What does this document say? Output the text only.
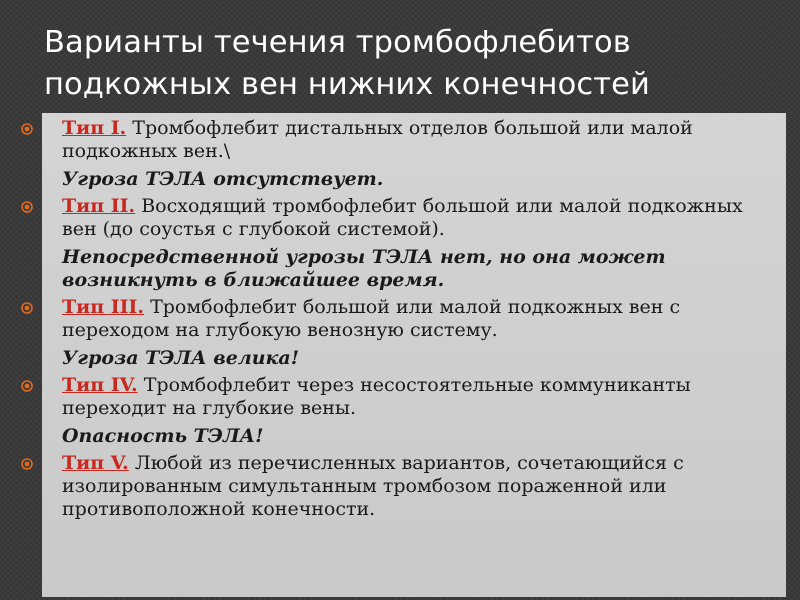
Варианты течения тромбофлебитов
подкожных вен нижних конечностей

Тип I. Тромбофлебит дистальных отделов большой или малой подкожных вен.\

Угроза ТЭЛА отсутствует.

Тип II. Восходящий тромбофлебит большой или малой подкожных вен (до соустья с глубокой системой).

Непосредственной угрозы ТЭЛА нет, но она может возникнуть в ближайшее время.

Тип III. Тромбофлебит большой или малой подкожных вен с переходом на глубокую венозную систему.

Угроза ТЭЛА велика!

Тип IV. Тромбофлебит через несостоятельные коммуниканты переходит на глубокие вены.

Опасность ТЭЛА!

Тип V. Любой из перечисленных вариантов, сочетающийся с изолированным симультанным тромбозом пораженной или противоположной конечности.
